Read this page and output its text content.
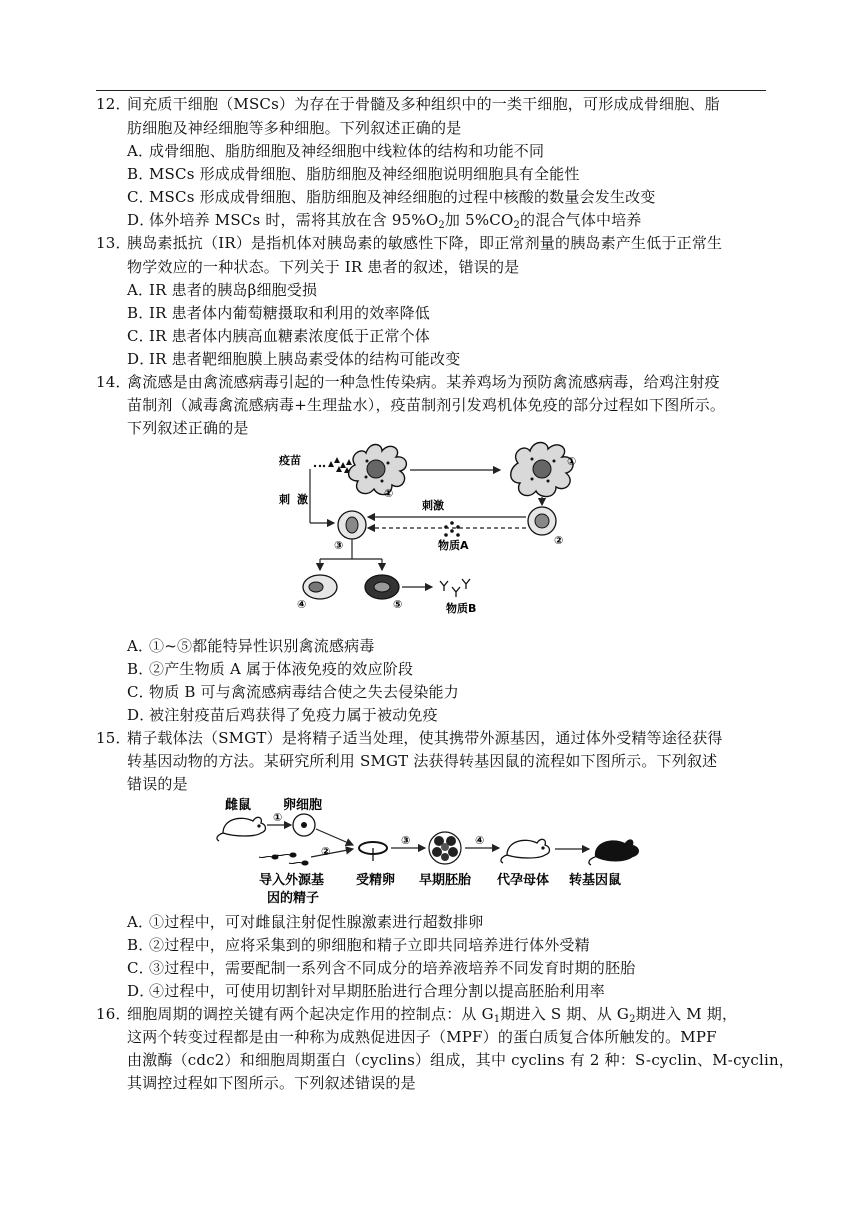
12．间充质干细胞（MSCs）为存在于骨髓及多种组织中的一类干细胞，可形成成骨细胞、脂
肪细胞及神经细胞等多种细胞。下列叙述正确的是
A．成骨细胞、脂肪细胞及神经细胞中线粒体的结构和功能不同
B．MSCs 形成成骨细胞、脂肪细胞及神经细胞说明细胞具有全能性
C．MSCs 形成成骨细胞、脂肪细胞及神经细胞的过程中核酸的数量会发生改变
D．体外培养 MSCs 时，需将其放在含 $95\%O_2$加 $5\%CO_2$的混合气体中培养
13．胰岛素抵抗（IR）是指机体对胰岛素的敏感性下降，即正常剂量的胰岛素产生低于正常生
物学效应的一种状态。下列关于 IR 患者的叙述，错误的是
A．IR 患者的胰岛β细胞受损
B．IR 患者体内葡萄糖摄取和利用的效率降低
C．IR 患者体内胰高血糖素浓度低于正常个体
D．IR 患者靶细胞膜上胰岛素受体的结构可能改变
14．禽流感是由禽流感病毒引起的一种急性传染病。某养鸡场为预防禽流感病毒，给鸡注射疫
苗制剂（减毒禽流感病毒+生理盐水），疫苗制剂引发鸡机体免疫的部分过程如下图所示。
下列叙述正确的是
疫苗
①
①
②
刺激
物质A
刺 激
③
④	⑤	物质B
A．①~⑤都能特异性识别禽流感病毒
B．②产生物质 A 属于体液免疫的效应阶段
C．物质 B 可与禽流感病毒结合使之失去侵染能力
D．被注射疫苗后鸡获得了免疫力属于被动免疫
15．精子载体法（SMGT）是将精子适当处理，使其携带外源基因，通过体外受精等途径获得
转基因动物的方法。某研究所利用 SMGT 法获得转基因鼠的流程如下图所示。下列叙述
错误的是
雌鼠 卵细胞
①
②
导入外源基
因的精子
受精卵
③
早期胚胎
④
代孕母体 转基因鼠
A．①过程中，可对雌鼠注射促性腺激素进行超数排卵
B．②过程中，应将采集到的卵细胞和精子立即共同培养进行体外受精
C．③过程中，需要配制一系列含不同成分的培养液培养不同发育时期的胚胎
D．④过程中，可使用切割针对早期胚胎进行合理分割以提高胚胎利用率
16．细胞周期的调控关键有两个起决定作用的控制点：从 $G_1$期进入 S 期、从 $G_2$期进入 M 期，
这两个转变过程都是由一种称为成熟促进因子（MPF）的蛋白质复合体所触发的。MPF
由激酶（cdc2）和细胞周期蛋白（cyclins）组成，其中 cyclins 有 2 种：S-cyclin、M-cyclin，
其调控过程如下图所示。下列叙述错误的是
